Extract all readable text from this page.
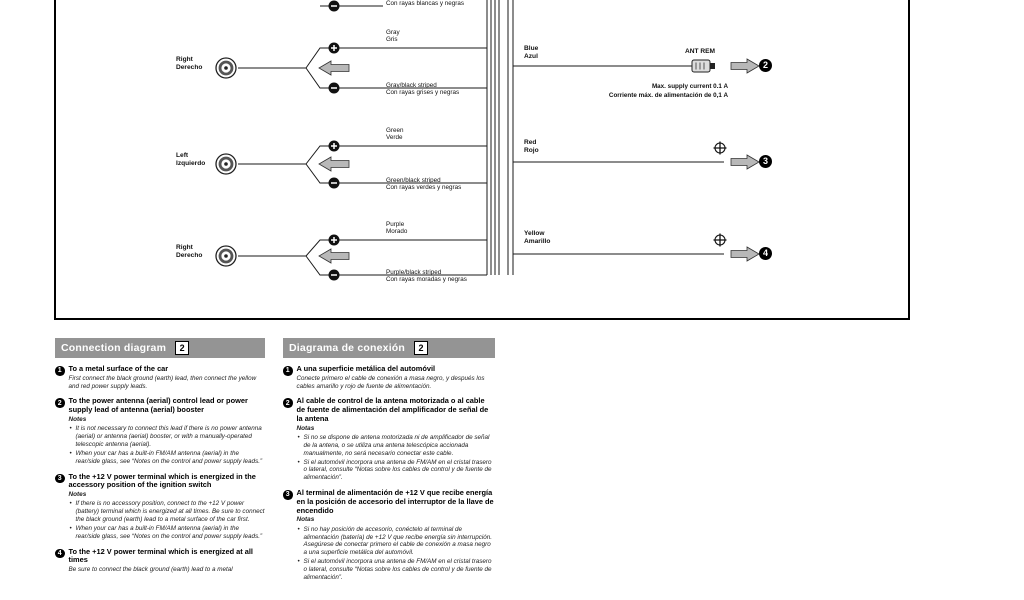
Con rayas blancas y negras
Right
Derecho
Left
Izquierdo
Right
Derecho
Gray
Gris
Gray/black striped
Con rayas grises y negras
Green
Verde
Green/black striped
Con rayas verdes y negras
Purple
Morado
Purple/black striped
Con rayas moradas y negras
Blue
Azul
Red
Rojo
Yellow
Amarillo
ANT REM
2
3
4
Max. supply current 0.1 A
Corriente máx. de alimentación de 0,1 A
Connection diagram	2
1 To a metal surface of the car
First connect the black ground (earth) lead, then connect the yellow and red power supply leads.
2 To the power antenna (aerial) control lead or power supply lead of antenna (aerial) booster
Notes
• It is not necessary to connect this lead if there is no power antenna (aerial) or antenna (aerial) booster, or with a manually-operated telescopic antenna (aerial).
• When your car has a built-in FM/AM antenna (aerial) in the rear/side glass, see “Notes on the control and power supply leads.”
3 To the +12 V power terminal which is energized in the accessory position of the ignition switch
Notes
• If there is no accessory position, connect to the +12 V power (battery) terminal which is energized at all times. Be sure to connect the black ground (earth) lead to a metal surface of the car first.
• When your car has a built-in FM/AM antenna (aerial) in the rear/side glass, see “Notes on the control and power supply leads.”
4 To the +12 V power terminal which is energized at all times
Be sure to connect the black ground (earth) lead to a metal
Diagrama de conexión	2
1 A una superficie metálica del automóvil
Conecte primero el cable de conexión a masa negro, y después los cables amarillo y rojo de fuente de alimentación.
2 Al cable de control de la antena motorizada o al cable de fuente de alimentación del amplificador de señal de la antena
Notas
• Si no se dispone de antena motorizada ni de amplificador de señal de la antena, o se utiliza una antena telescópica accionada manualmente, no será necesario conectar este cable.
• Si el automóvil incorpora una antena de FM/AM en el cristal trasero o lateral, consulte “Notas sobre los cables de control y de fuente de alimentación”.
3 Al terminal de alimentación de +12 V que recibe energía en la posición de accesorio del interruptor de la llave de encendido
Notas
• Si no hay posición de accesorio, conéctelo al terminal de alimentación (batería) de +12 V que recibe energía sin interrupción. Asegúrese de conectar primero el cable de conexión a masa negro a una superficie metálica del automóvil.
• Si el automóvil incorpora una antena de FM/AM en el cristal trasero o lateral, consulte “Notas sobre los cables de control y de fuente de alimentación”.
